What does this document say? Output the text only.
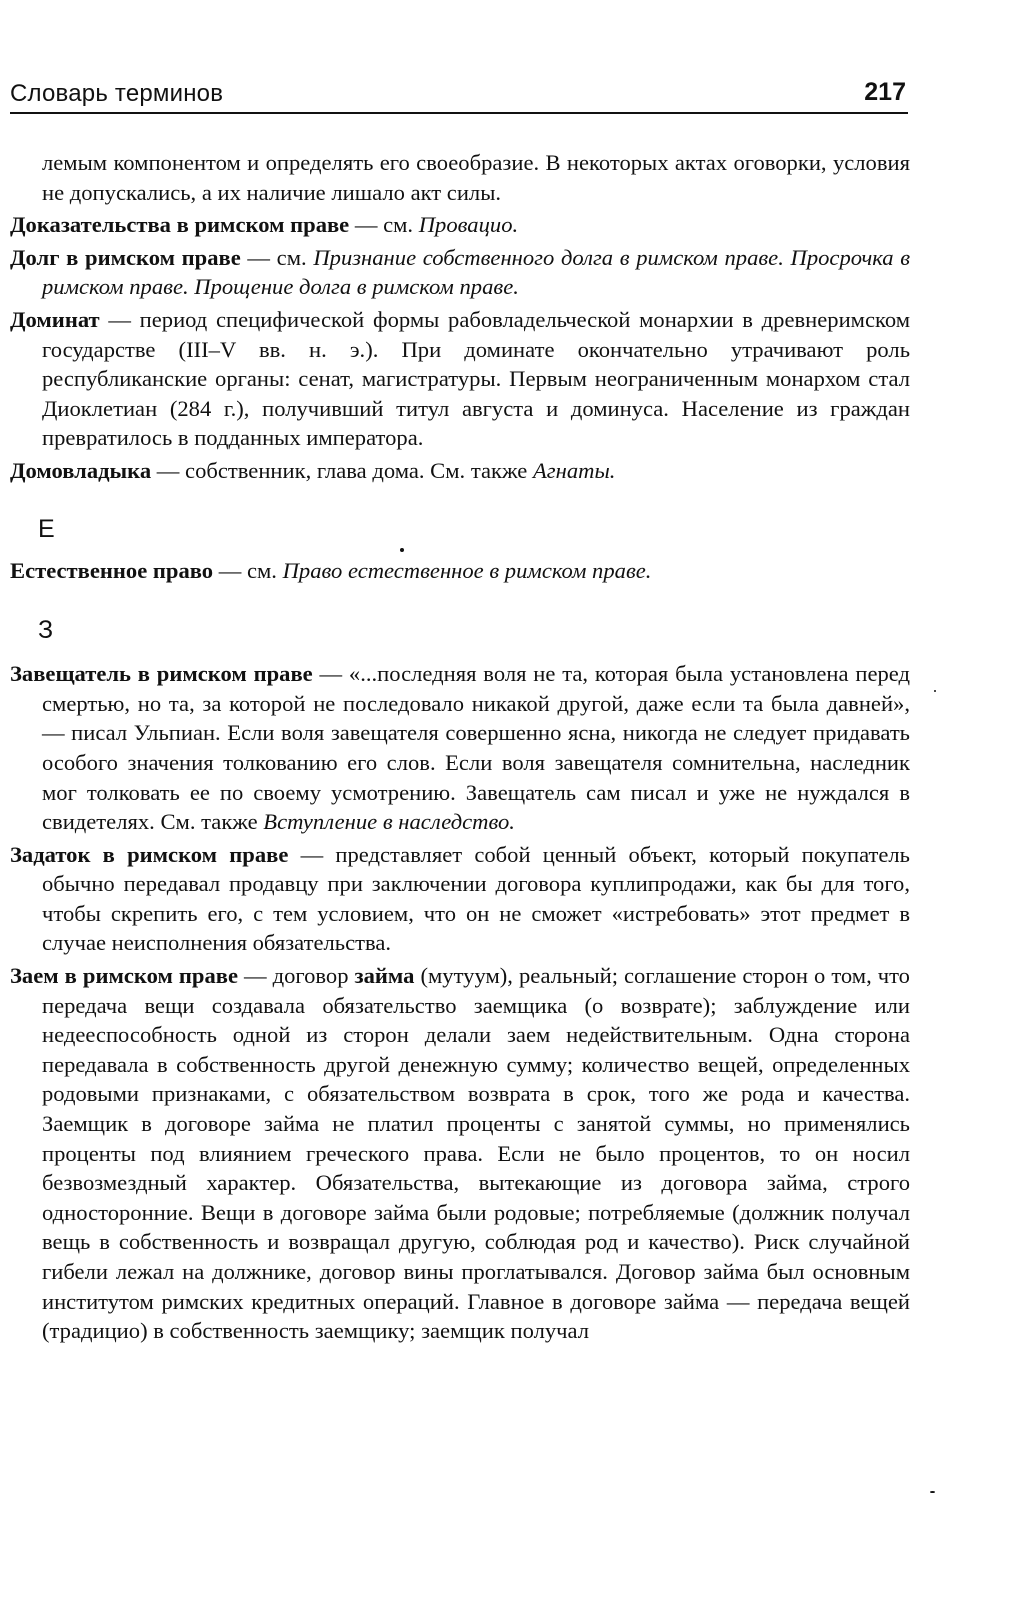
Словарь терминов	217

лемым компонентом и определять его своеобразие. В некоторых актах оговорки, условия не допускались, а их наличие лишало акт силы.

Доказательства в римском праве — см. Провацио.

Долг в римском праве — см. Признание собственного долга в римском праве. Просрочка в римском праве. Прощение долга в римском праве.

Доминат — период специфической формы рабовладельческой монархии в древнеримском государстве (III–V вв. н. э.). При доминате окончательно утрачивают роль республиканские органы: сенат, магистратуры. Первым неограниченным монархом стал Диоклетиан (284 г.), получивший титул августа и доминуса. Население из граждан превратилось в подданных императора.

Домовладыка — собственник, глава дома. См. также Агнаты.

Е

Естественное право — см. Право естественное в римском праве.

З

Завещатель в римском праве — «...последняя воля не та, которая была установлена перед смертью, но та, за которой не последовало никакой другой, даже если та была давней», — писал Ульпиан. Если воля завещателя совершенно ясна, никогда не следует придавать особого значения толкованию его слов. Если воля завещателя сомнительна, наследник мог толковать ее по своему усмотрению. Завещатель сам писал и уже не нуждался в свидетелях. См. также Вступление в наследство.

Задаток в римском праве — представляет собой ценный объект, который покупатель обычно передавал продавцу при заключении договора куплипродажи, как бы для того, чтобы скрепить его, с тем условием, что он не сможет «истребовать» этот предмет в случае неисполнения обязательства.

Заем в римском праве — договор займа (мутуум), реальный; соглашение сторон о том, что передача вещи создавала обязательство заемщика (о возврате); заблуждение или недееспособность одной из сторон делали заем недействительным. Одна сторона передавала в собственность другой денежную сумму; количество вещей, определенных родовыми признаками, с обязательством возврата в срок, того же рода и качества. Заемщик в договоре займа не платил проценты с занятой суммы, но применялись проценты под влиянием греческого права. Если не было процентов, то он носил безвозмездный характер. Обязательства, вытекающие из договора займа, строго односторонние. Вещи в договоре займа были родовые; потребляемые (должник получал вещь в собственность и возвращал другую, соблюдая род и качество). Риск случайной гибели лежал на должнике, договор вины проглатывался. Договор займа был основным институтом римских кредитных операций. Главное в договоре займа — передача вещей (традицио) в собственность заемщику; заемщик получал
